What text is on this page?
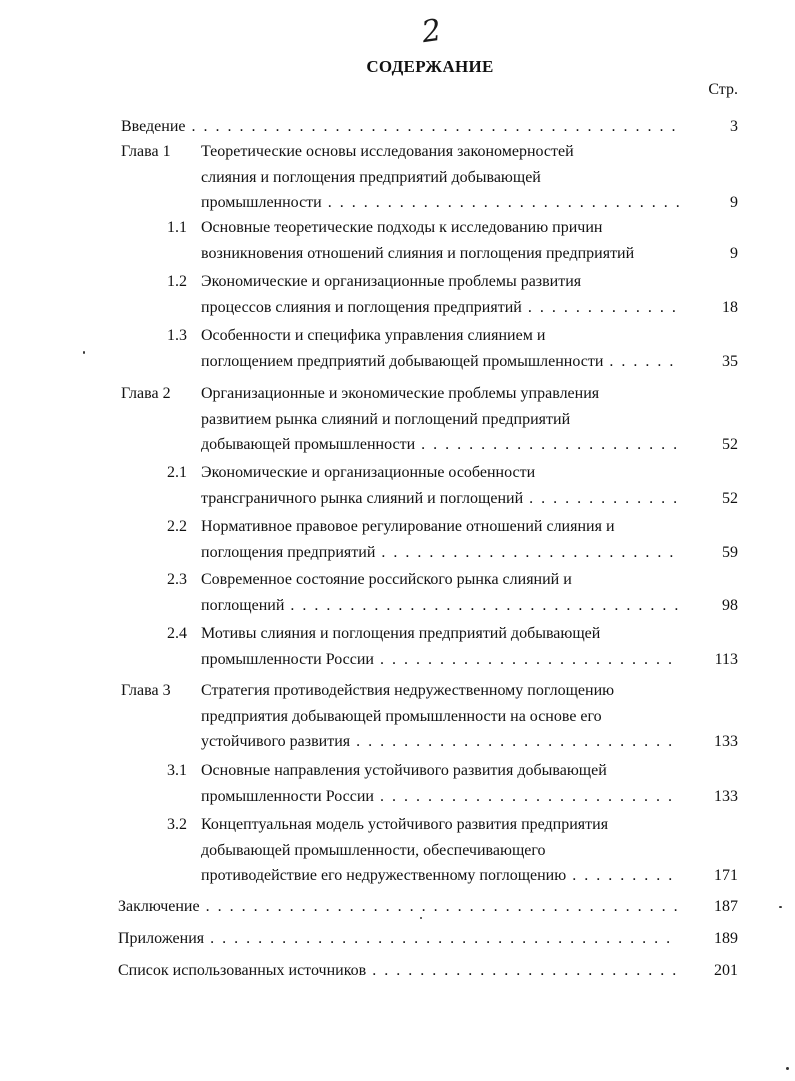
2
СОДЕРЖАНИЕ
Стр.
Введение . . .	3
Глава 1 Теоретические основы исследования закономерностей
слияния и поглощения предприятий добывающей
промышленности . . .	9
1.1 Основные теоретические подходы к исследованию причин
возникновения отношений слияния и поглощения предприятий	9
1.2 Экономические и организационные проблемы развития
процессов слияния и поглощения предприятий . . .	18
1.3 Особенности и специфика управления слиянием и
поглощением предприятий добывающей промышленности . . .	35
Глава 2 Организационные и экономические проблемы управления
развитием рынка слияний и поглощений предприятий
добывающей промышленности . . .	52
2.1 Экономические и организационные особенности
трансграничного рынка слияний и поглощений . . .	52
2.2 Нормативное правовое регулирование отношений слияния и
поглощения предприятий . . .	59
2.3 Современное состояние российского рынка слияний и
поглощений . . .	98
2.4 Мотивы слияния и поглощения предприятий добывающей
промышленности России . . .	113
Глава 3 Стратегия противодействия недружественному поглощению
предприятия добывающей промышленности на основе его
устойчивого развития . . .	133
3.1 Основные направления устойчивого развития добывающей
промышленности России . . .	133
3.2 Концептуальная модель устойчивого развития предприятия
добывающей промышленности, обеспечивающего
противодействие его недружественному поглощению . . .	171
Заключение . . .	187
Приложения . . .	189
Список использованных источников . . .	201
